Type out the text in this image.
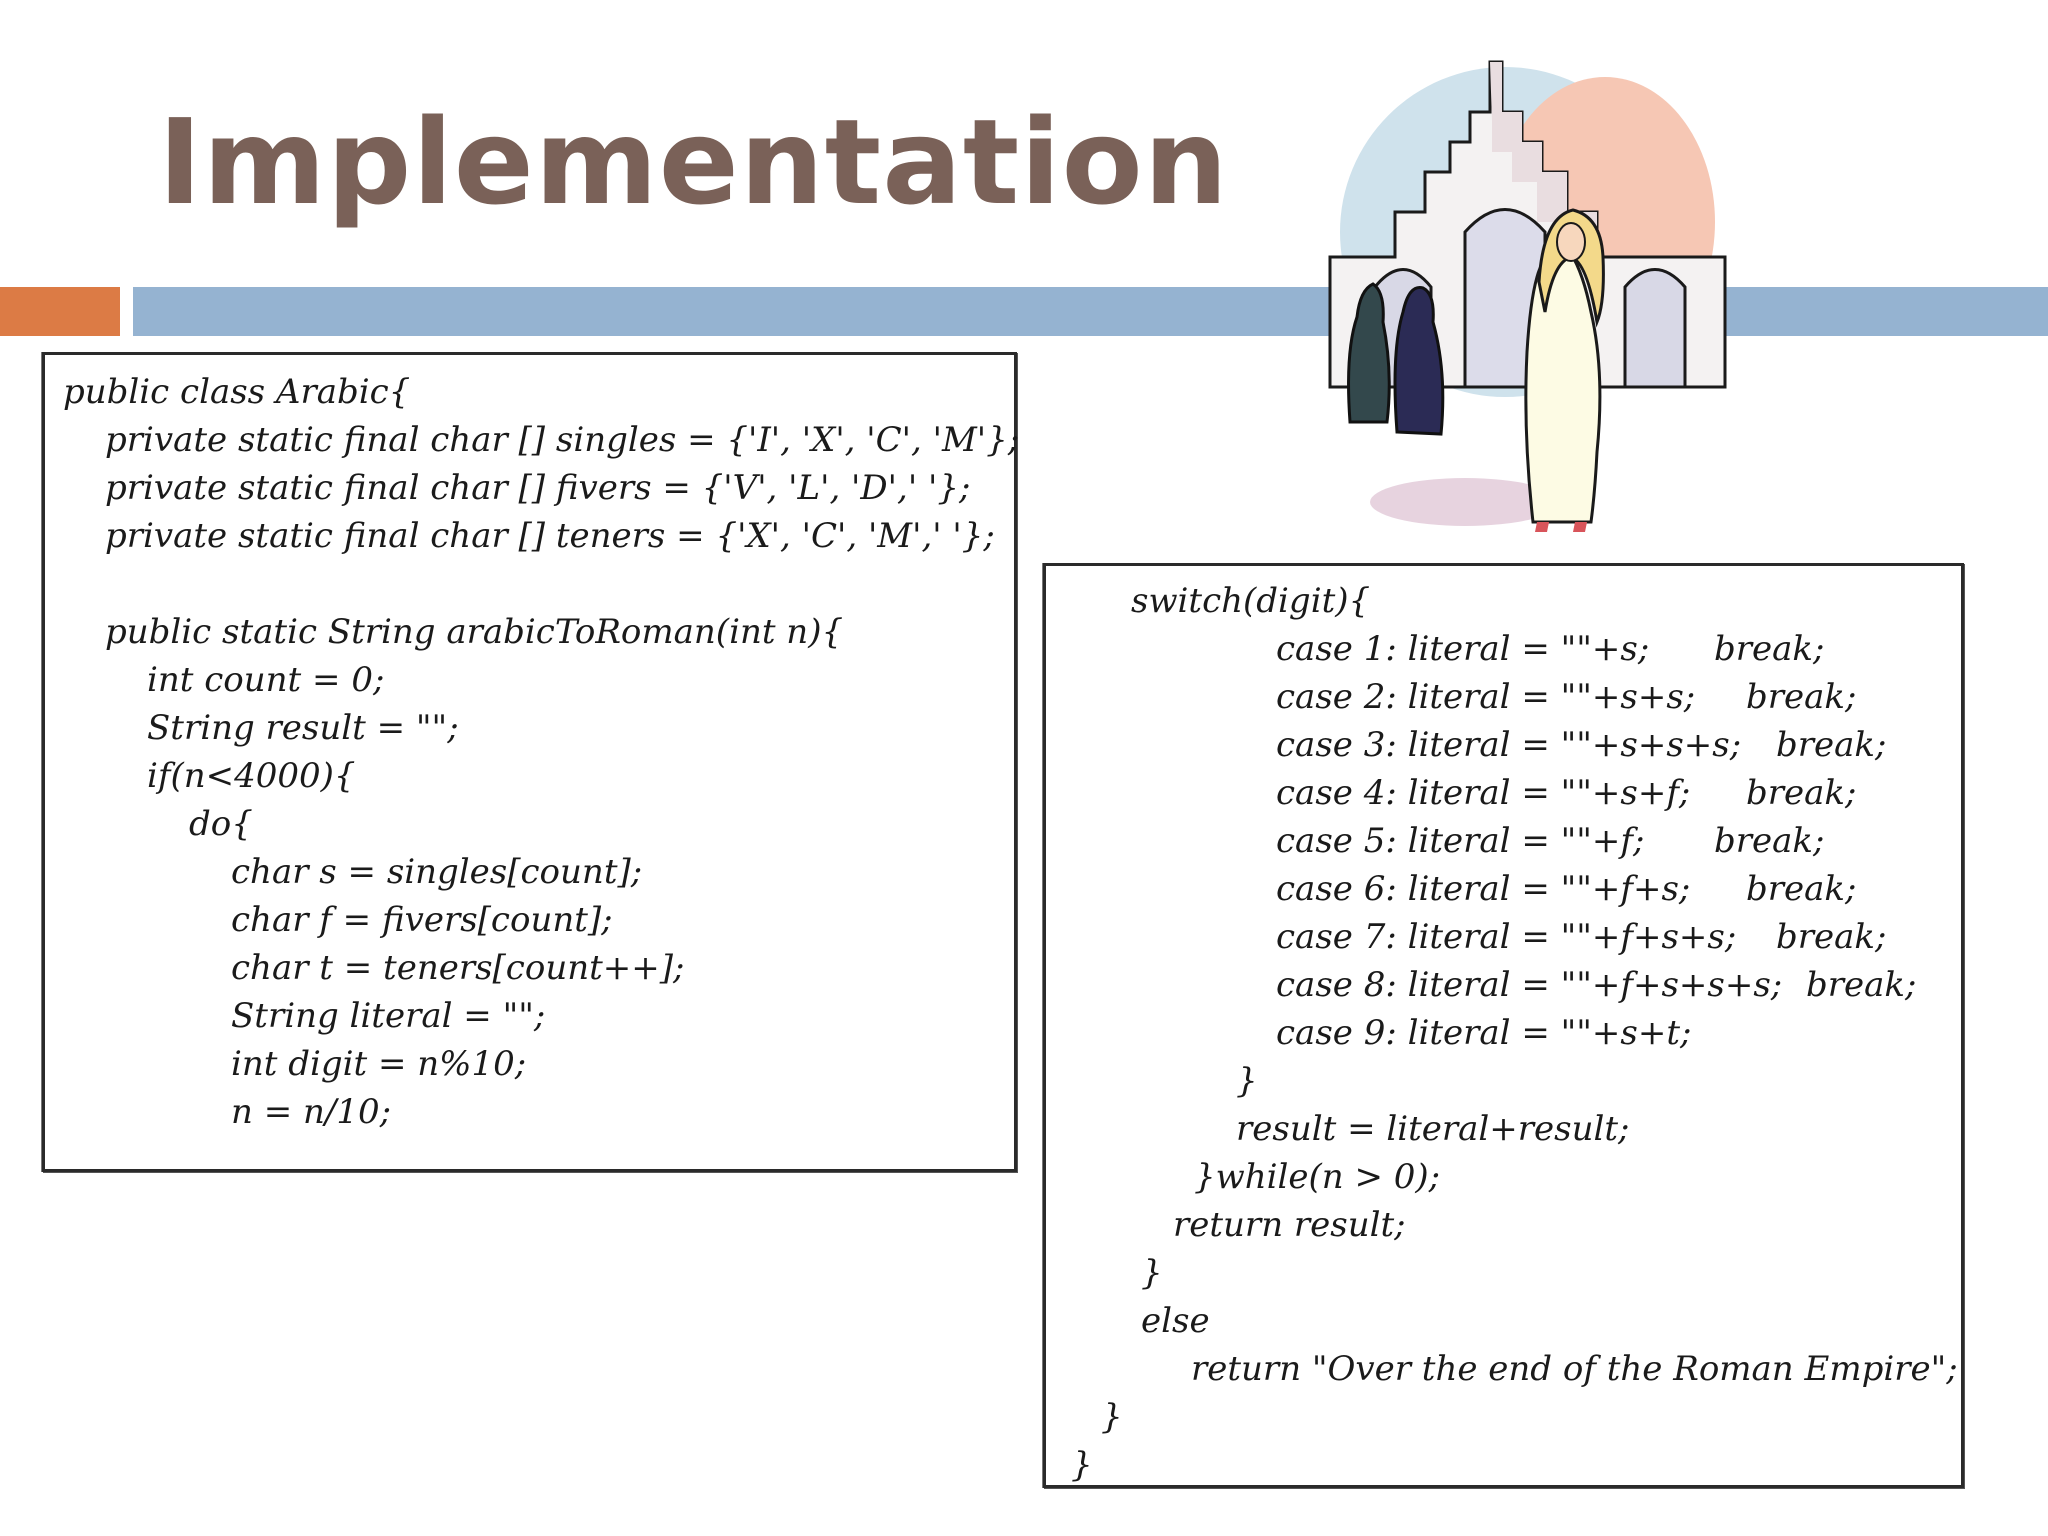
Implementation
public class Arabic{
private static final char [] singles = {'I', 'X', 'C', 'M'};
private static final char [] fivers = {'V', 'L', 'D',' '};
private static final char [] teners = {'X', 'C', 'M',' '};
public static String arabicToRoman(int n){
int count = 0;
String result = "";
if(n<4000){
do{
char s = singles[count];
char f = fivers[count];
char t = teners[count++];
String literal = "";
int digit = n%10;
n = n/10;
switch(digit){
case 1: literal = ""+s; break;
case 2: literal = ""+s+s; break;
case 3: literal = ""+s+s+s; break;
case 4: literal = ""+s+f; break;
case 5: literal = ""+f; break;
case 6: literal = ""+f+s; break;
case 7: literal = ""+f+s+s; break;
case 8: literal = ""+f+s+s+s; break;
case 9: literal = ""+s+t;
}
result = literal+result;
}while(n > 0);
return result;
}
else
return "Over the end of the Roman Empire";
}
}
